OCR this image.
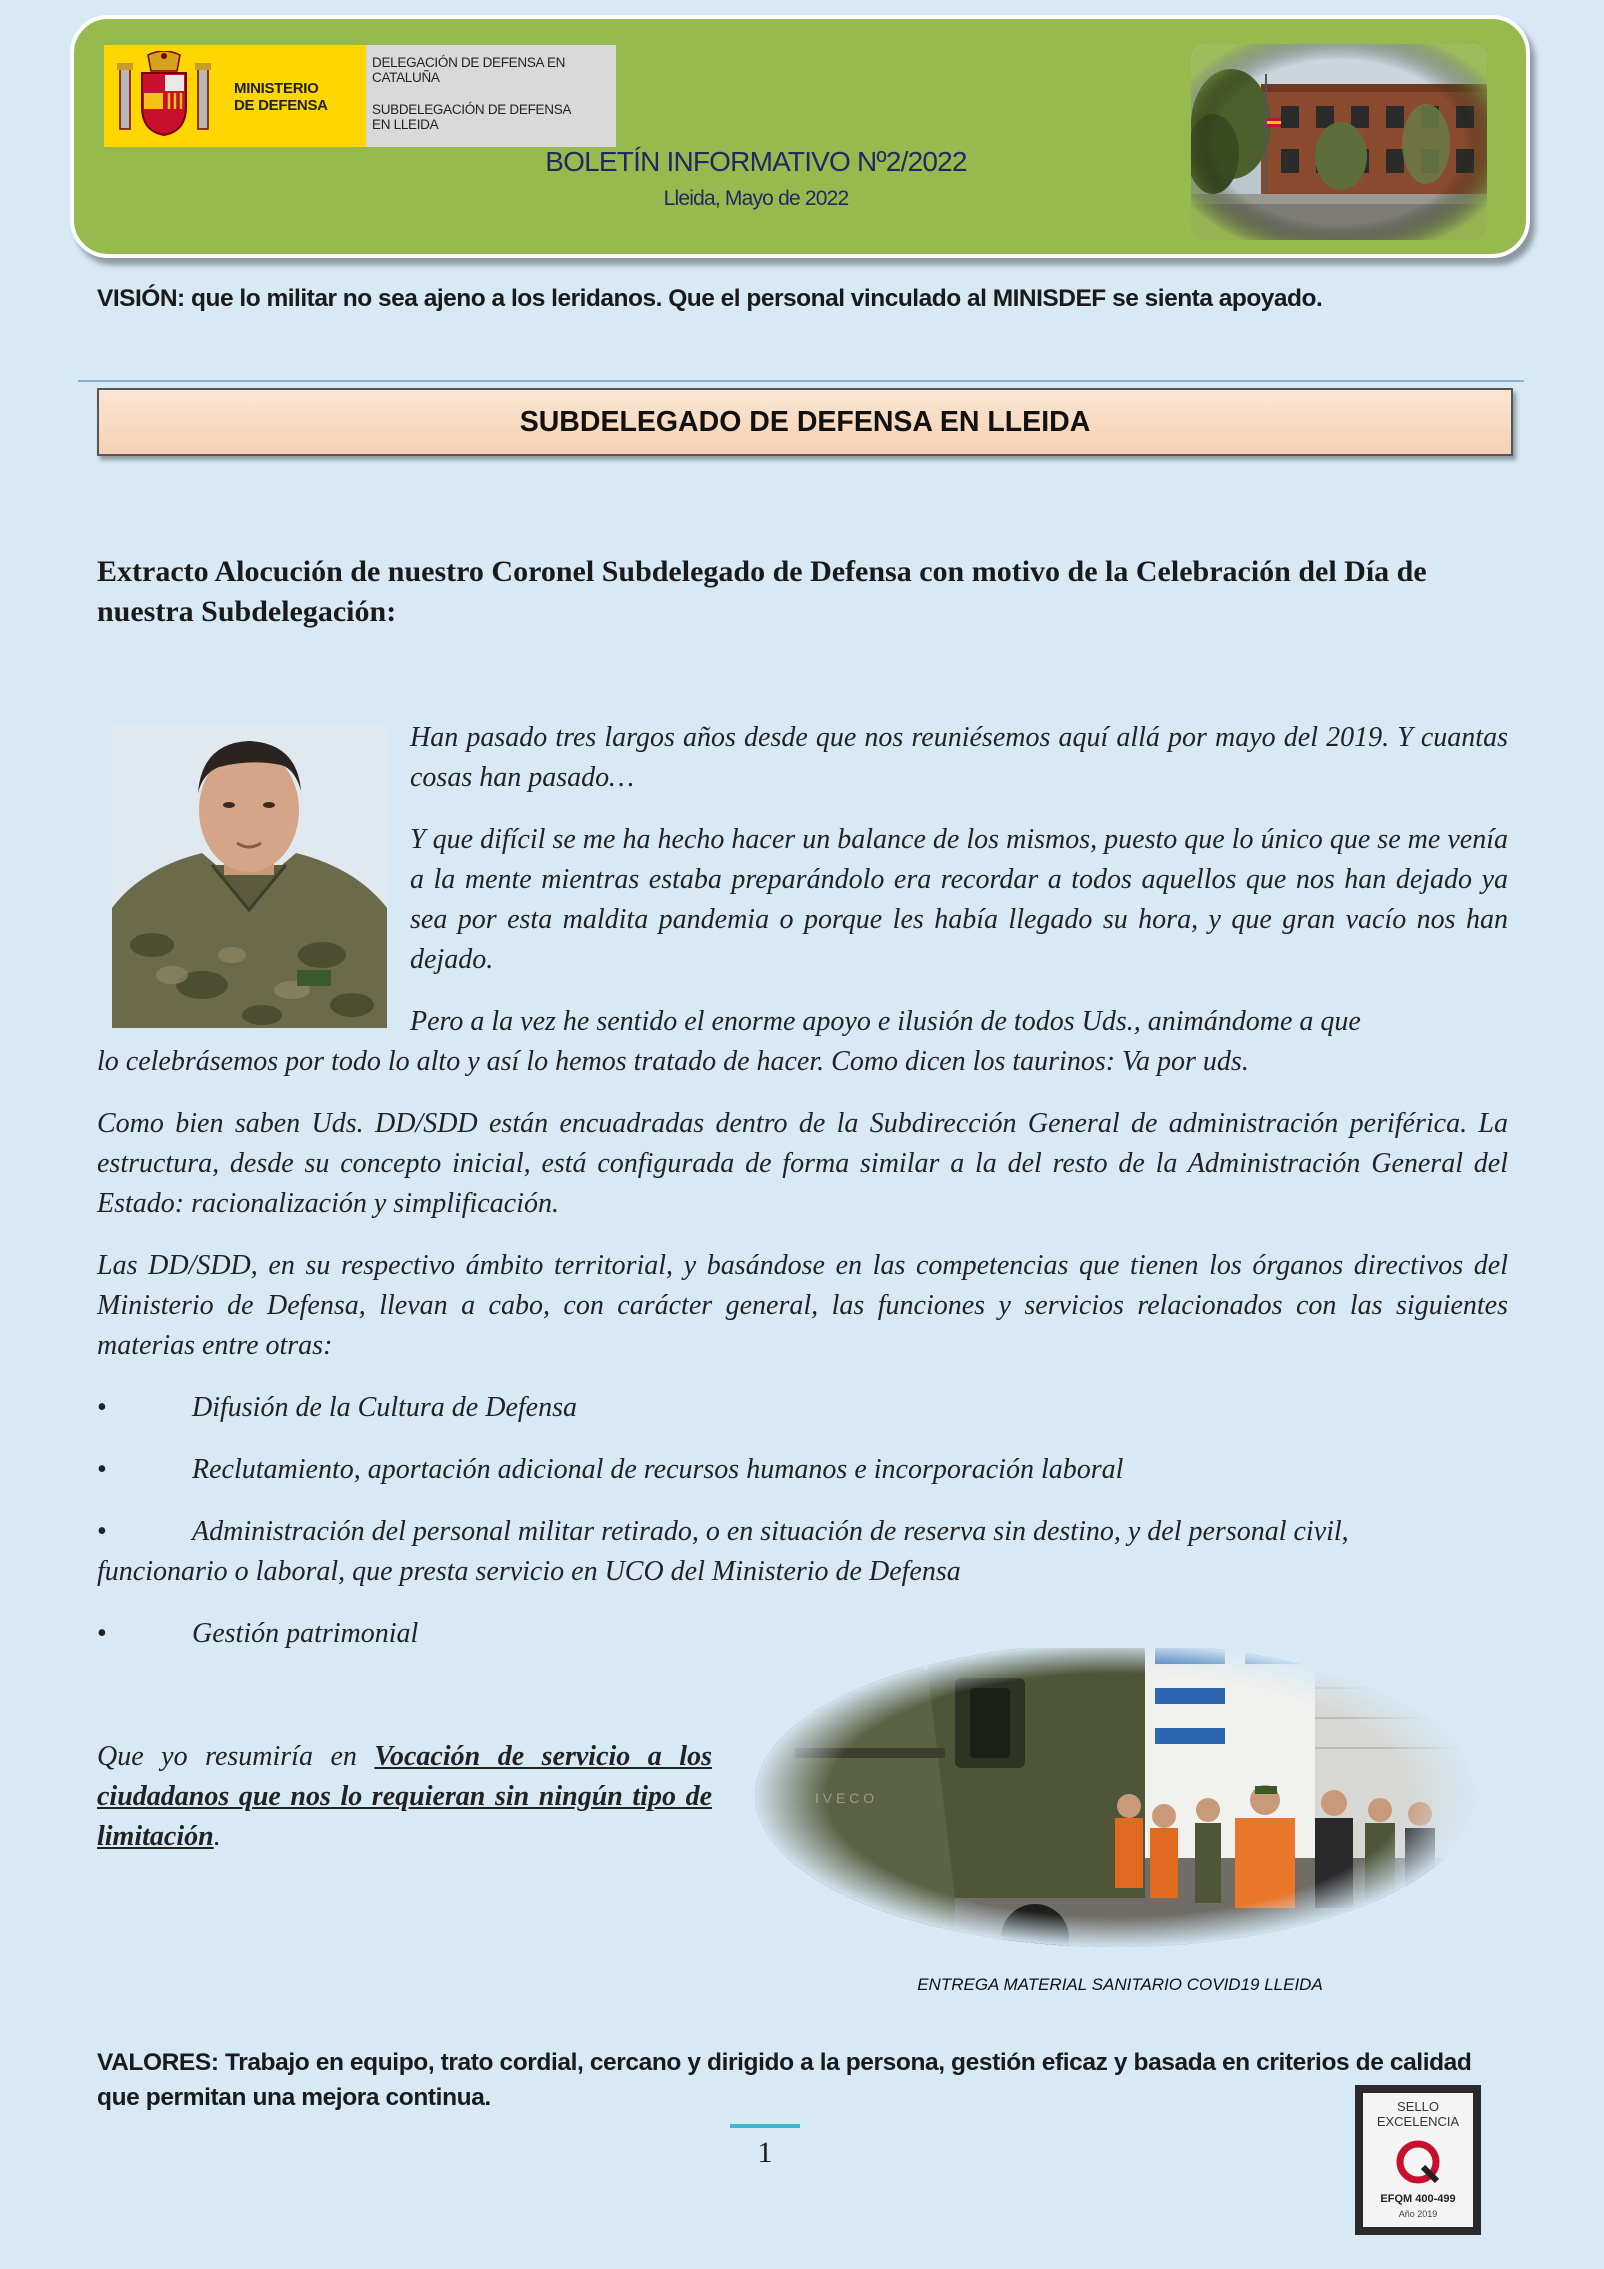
MINISTERIO
DE DEFENSA
DELEGACIÓN DE DEFENSA EN
CATALUÑA
SUBDELEGACIÓN DE DEFENSA
EN LLEIDA
BOLETÍN INFORMATIVO Nº2/2022
Lleida, Mayo de 2022
VISIÓN: que lo militar no sea ajeno a los leridanos. Que el personal vinculado al MINISDEF se sienta apoyado.
SUBDELEGADO DE DEFENSA EN LLEIDA
Extracto Alocución de nuestro Coronel Subdelegado de Defensa con motivo de la Celebración del Día de nuestra Subdelegación:
Han pasado tres largos años desde que nos reuniésemos aquí allá por mayo del 2019. Y cuantas cosas han pasado…
Y que difícil se me ha hecho hacer un balance de los mismos, puesto que lo único que se me venía a la mente mientras estaba preparándolo era recordar a todos aquellos que nos han dejado ya sea por esta maldita pandemia o porque les había llegado su hora, y que gran vacío nos han dejado.
Pero a la vez he sentido el enorme apoyo e ilusión de todos Uds., animándome a que
lo celebrásemos por todo lo alto y así lo hemos tratado de hacer. Como dicen los taurinos: Va por uds.
Como bien saben Uds. DD/SDD están encuadradas dentro de la Subdirección General de administración periférica. La estructura, desde su concepto inicial, está configurada de forma similar a la del resto de la Administración General del Estado: racionalización y simplificación.
Las DD/SDD, en su respectivo ámbito territorial, y basándose en las competencias que tienen los órganos directivos del Ministerio de Defensa, llevan a cabo, con carácter general, las funciones y servicios relacionados con las siguientes materias entre otras:
•	Difusión de la Cultura de Defensa
•	Reclutamiento, aportación adicional de recursos humanos e incorporación laboral
•	Administración del personal militar retirado, o en situación de reserva sin destino, y del personal civil,
funcionario o laboral, que presta servicio en UCO del Ministerio de Defensa
•	Gestión patrimonial
Que yo resumiría en Vocación de servicio a los ciudadanos que nos lo requieran sin ningún tipo de limitación.
ENTREGA MATERIAL SANITARIO COVID19 LLEIDA
VALORES: Trabajo en equipo, trato cordial, cercano y dirigido a la persona, gestión eficaz y basada en criterios de calidad que permitan una mejora continua.
1
SELLO
EXCELENCIA
EFQM 400-499
Año 2019
